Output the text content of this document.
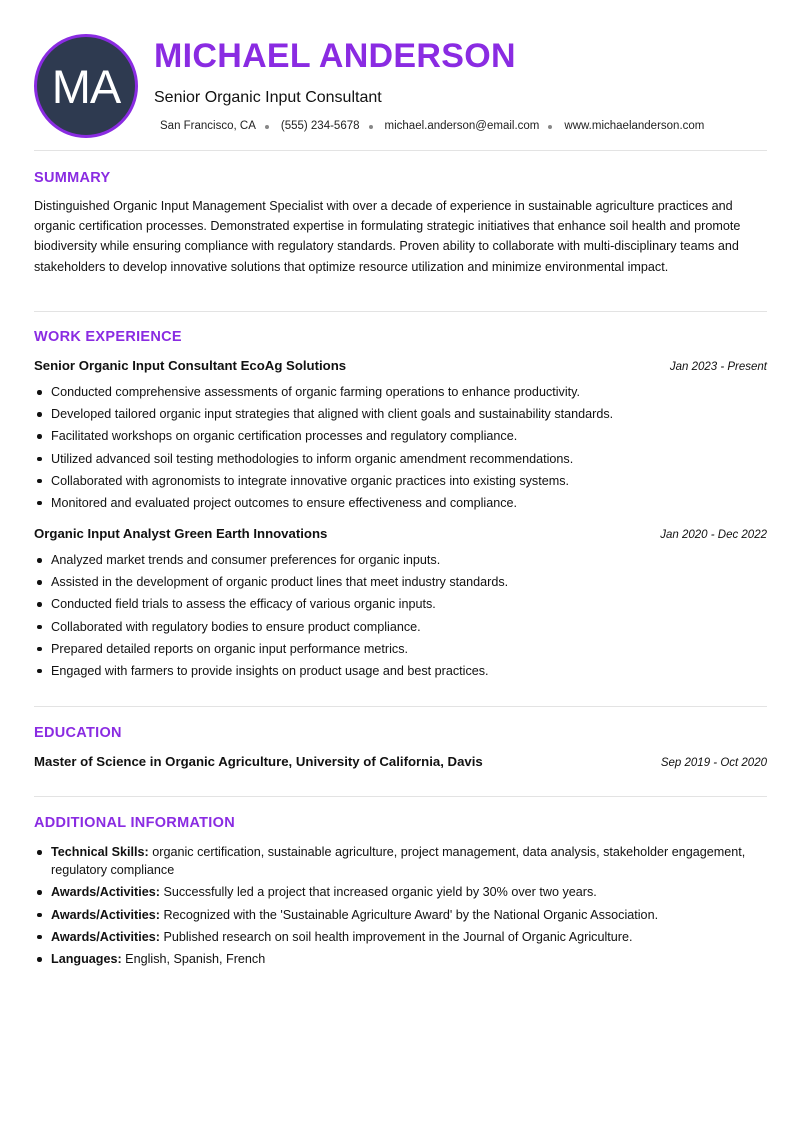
MA
MICHAEL ANDERSON
Senior Organic Input Consultant
San Francisco, CA (555) 234-5678 michael.anderson@email.com www.michaelanderson.com
SUMMARY

Distinguished Organic Input Management Specialist with over a decade of experience in sustainable agriculture practices and organic certification processes. Demonstrated expertise in formulating strategic initiatives that enhance soil health and promote biodiversity while ensuring compliance with regulatory standards. Proven ability to collaborate with multi-disciplinary teams and stakeholders to develop innovative solutions that optimize resource utilization and minimize environmental impact.

WORK EXPERIENCE
Senior Organic Input Consultant EcoAg Solutions	Jan 2023 - Present
Conducted comprehensive assessments of organic farming operations to enhance productivity.
Developed tailored organic input strategies that aligned with client goals and sustainability standards.
Facilitated workshops on organic certification processes and regulatory compliance.
Utilized advanced soil testing methodologies to inform organic amendment recommendations.
Collaborated with agronomists to integrate innovative organic practices into existing systems.
Monitored and evaluated project outcomes to ensure effectiveness and compliance.
Organic Input Analyst Green Earth Innovations	Jan 2020 - Dec 2022
Analyzed market trends and consumer preferences for organic inputs.
Assisted in the development of organic product lines that meet industry standards.
Conducted field trials to assess the efficacy of various organic inputs.
Collaborated with regulatory bodies to ensure product compliance.
Prepared detailed reports on organic input performance metrics.
Engaged with farmers to provide insights on product usage and best practices.
EDUCATION
Master of Science in Organic Agriculture, University of California, Davis	Sep 2019 - Oct 2020
ADDITIONAL INFORMATION
Technical Skills: organic certification, sustainable agriculture, project management, data analysis, stakeholder engagement, regulatory compliance
Awards/Activities: Successfully led a project that increased organic yield by 30% over two years.
Awards/Activities: Recognized with the 'Sustainable Agriculture Award' by the National Organic Association.
Awards/Activities: Published research on soil health improvement in the Journal of Organic Agriculture.
Languages: English, Spanish, French
